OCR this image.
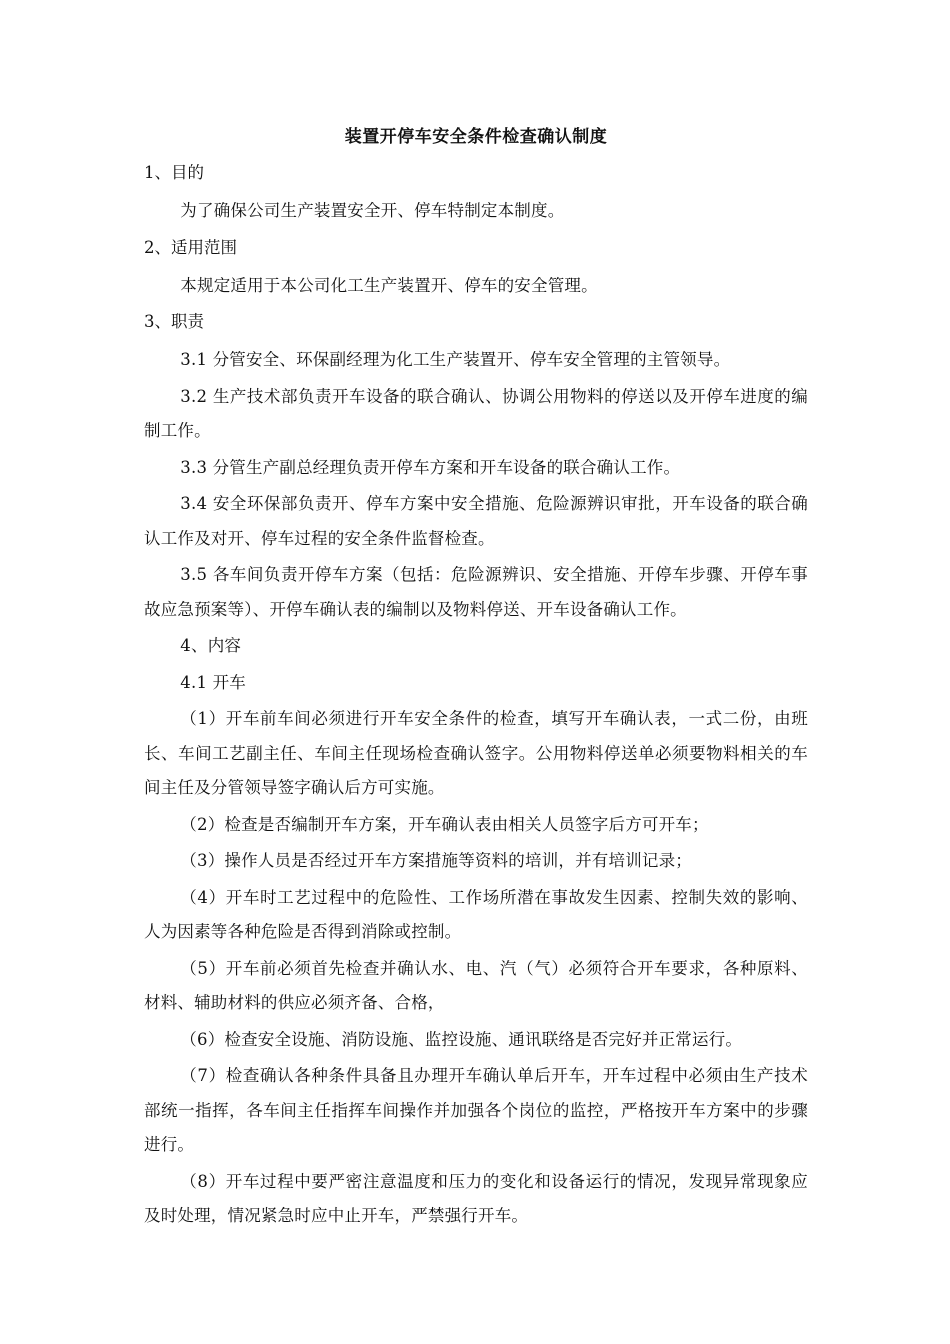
装置开停车安全条件检查确认制度
1、目的

为了确保公司生产装置安全开、停车特制定本制度。

2、适用范围

本规定适用于本公司化工生产装置开、停车的安全管理。

3、职责

3.1 分管安全、环保副经理为化工生产装置开、停车安全管理的主管领导。

3.2 生产技术部负责开车设备的联合确认、协调公用物料的停送以及开停车进度的编制工作。

3.3 分管生产副总经理负责开停车方案和开车设备的联合确认工作。

3.4 安全环保部负责开、停车方案中安全措施、危险源辨识审批，开车设备的联合确认工作及对开、停车过程的安全条件监督检查。

3.5 各车间负责开停车方案（包括：危险源辨识、安全措施、开停车步骤、开停车事故应急预案等）、开停车确认表的编制以及物料停送、开车设备确认工作。

4、内容

4.1 开车

（1）开车前车间必须进行开车安全条件的检查，填写开车确认表，一式二份，由班长、车间工艺副主任、车间主任现场检查确认签字。公用物料停送单必须要物料相关的车间主任及分管领导签字确认后方可实施。

（2）检查是否编制开车方案，开车确认表由相关人员签字后方可开车；

（3）操作人员是否经过开车方案措施等资料的培训，并有培训记录；

（4）开车时工艺过程中的危险性、工作场所潜在事故发生因素、控制失效的影响、人为因素等各种危险是否得到消除或控制。

（5）开车前必须首先检查并确认水、电、汽（气）必须符合开车要求，各种原料、材料、辅助材料的供应必须齐备、合格，

（6）检查安全设施、消防设施、监控设施、通讯联络是否完好并正常运行。

（7）检查确认各种条件具备且办理开车确认单后开车，开车过程中必须由生产技术部统一指挥，各车间主任指挥车间操作并加强各个岗位的监控，严格按开车方案中的步骤进行。

（8）开车过程中要严密注意温度和压力的变化和设备运行的情况，发现异常现象应及时处理，情况紧急时应中止开车，严禁强行开车。
